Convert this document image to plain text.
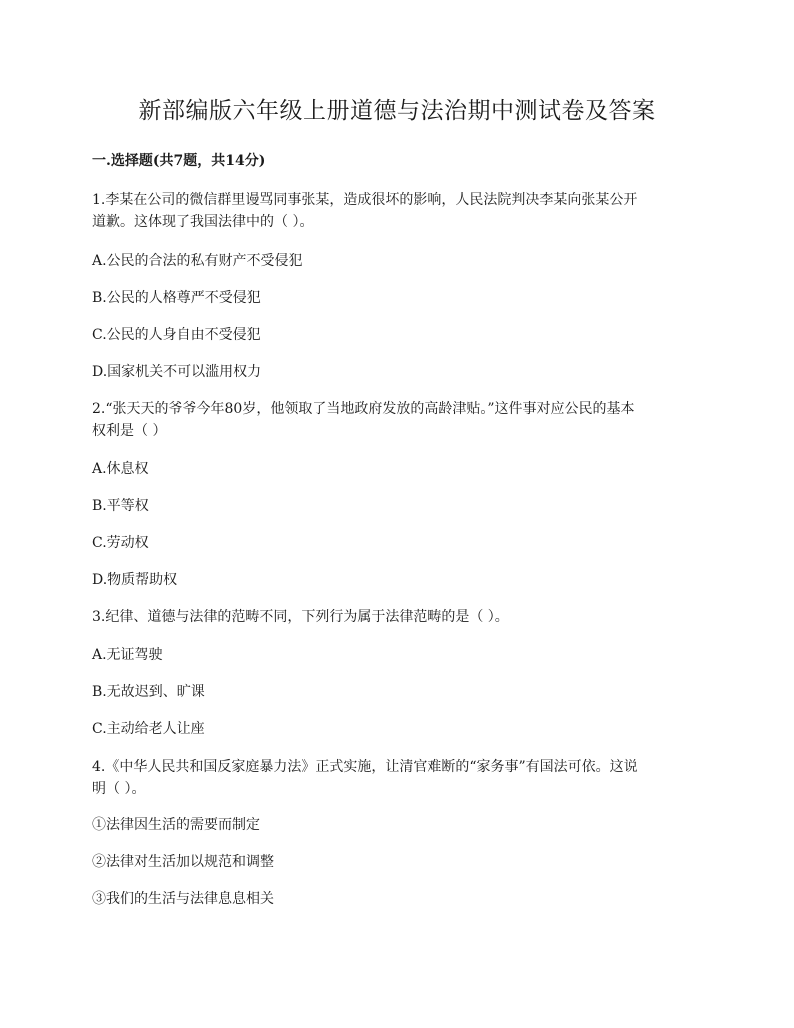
新部编版六年级上册道德与法治期中测试卷及答案
一.选择题(共7题，共14分)
1.李某在公司的微信群里谩骂同事张某，造成很坏的影响，人民法院判决李某向张某公开
道歉。这体现了我国法律中的（ ）。
A.公民的合法的私有财产不受侵犯
B.公民的人格尊严不受侵犯
C.公民的人身自由不受侵犯
D.国家机关不可以滥用权力
2.“张天天的爷爷今年80岁，他领取了当地政府发放的高龄津贴。”这件事对应公民的基本
权利是（ ）
A.休息权
B.平等权
C.劳动权
D.物质帮助权
3.纪律、道德与法律的范畴不同，下列行为属于法律范畴的是（ ）。
A.无证驾驶
B.无故迟到、旷课
C.主动给老人让座
4.《中华人民共和国反家庭暴力法》正式实施，让清官难断的“家务事”有国法可依。这说
明（ ）。
①法律因生活的需要而制定
②法律对生活加以规范和调整
③我们的生活与法律息息相关
